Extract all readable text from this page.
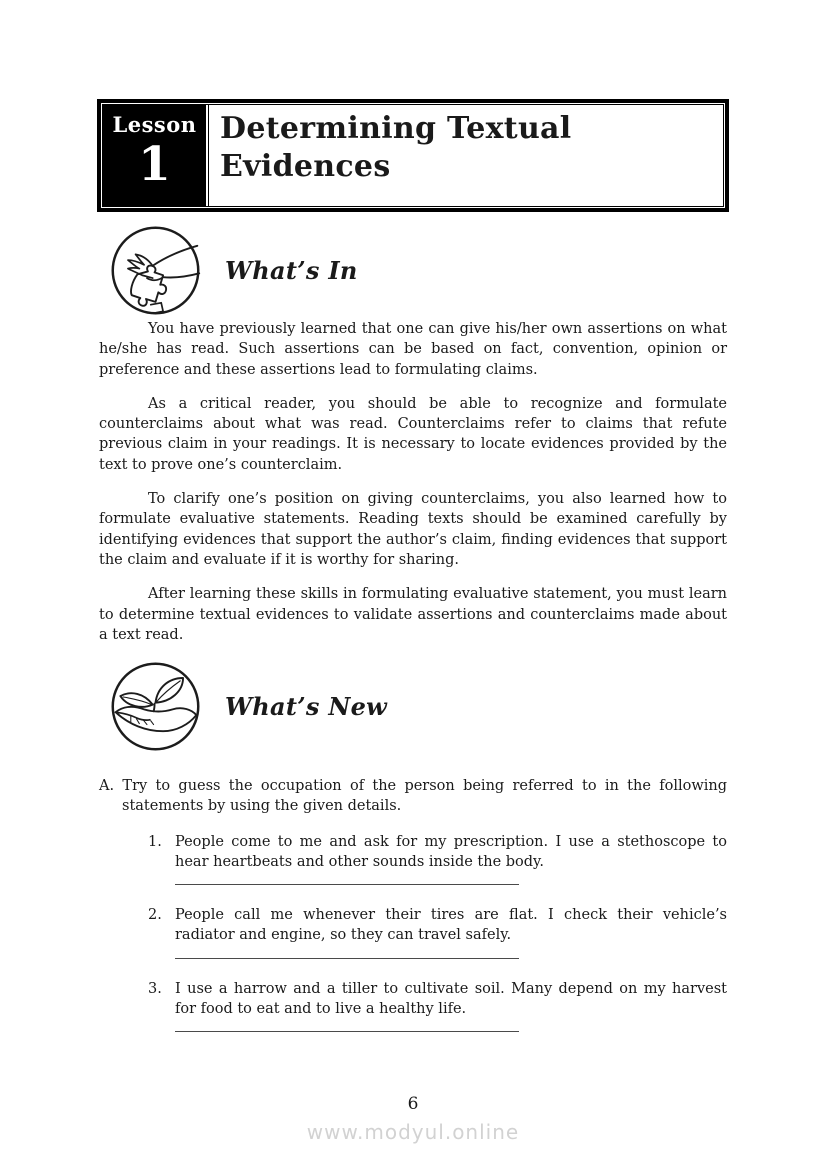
Lesson
1
Determining Textual
Evidences
What’s In

You have previously learned that one can give his/her own assertions on what he/she has read. Such assertions can be based on fact, convention, opinion or preference and these assertions lead to formulating claims.

As a critical reader, you should be able to recognize and formulate counterclaims about what was read. Counterclaims refer to claims that refute previous claim in your readings. It is necessary to locate evidences provided by the text to prove one’s counterclaim.

To clarify one’s position on giving counterclaims, you also learned how to formulate evaluative statements. Reading texts should be examined carefully by identifying evidences that support the author’s claim, finding evidences that support the claim and evaluate if it is worthy for sharing.

After learning these skills in formulating evaluative statement, you must learn to determine textual evidences to validate assertions and counterclaims made about a text read.

What’s New

A. Try to guess the occupation of the person being referred to in the following statements by using the given details.

1. People come to me and ask for my prescription. I use a stethoscope to hear heartbeats and other sounds inside the body.

2. People call me whenever their tires are flat. I check their vehicle’s radiator and engine, so they can travel safely.

3. I use a harrow and a tiller to cultivate soil. Many depend on my harvest for food to eat and to live a healthy life.

6
www.modyul.online
